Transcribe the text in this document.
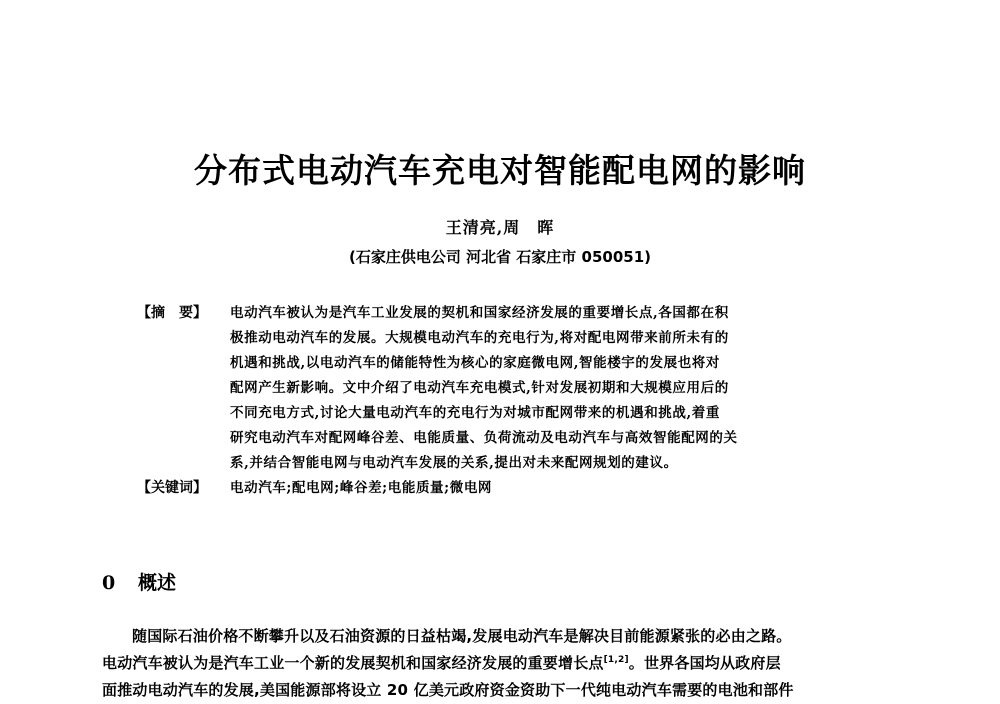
分布式电动汽车充电对智能配电网的影响
王清亮,周　晖
(石家庄供电公司 河北省 石家庄市 050051)
【摘　要】	电动汽车被认为是汽车工业发展的契机和国家经济发展的重要增长点,各国都在积
极推动电动汽车的发展。大规模电动汽车的充电行为,将对配电网带来前所未有的
机遇和挑战,以电动汽车的储能特性为核心的家庭微电网,智能楼宇的发展也将对
配网产生新影响。文中介绍了电动汽车充电模式,针对发展初期和大规模应用后的
不同充电方式,讨论大量电动汽车的充电行为对城市配网带来的机遇和挑战,着重
研究电动汽车对配网峰谷差、电能质量、负荷流动及电动汽车与高效智能配网的关
系,并结合智能电网与电动汽车发展的关系,提出对未来配网规划的建议。
【关键词】	电动汽车;配电网;峰谷差;电能质量;微电网
0 概述
随国际石油价格不断攀升以及石油资源的日益枯竭,发展电动汽车是解决目前能源紧张的必由之路。
电动汽车被认为是汽车工业一个新的发展契机和国家经济发展的重要增长点[1,2]。世界各国均从政府层
面推动电动汽车的发展,美国能源部将设立 20 亿美元政府资金资助下一代纯电动汽车需要的电池和部件
